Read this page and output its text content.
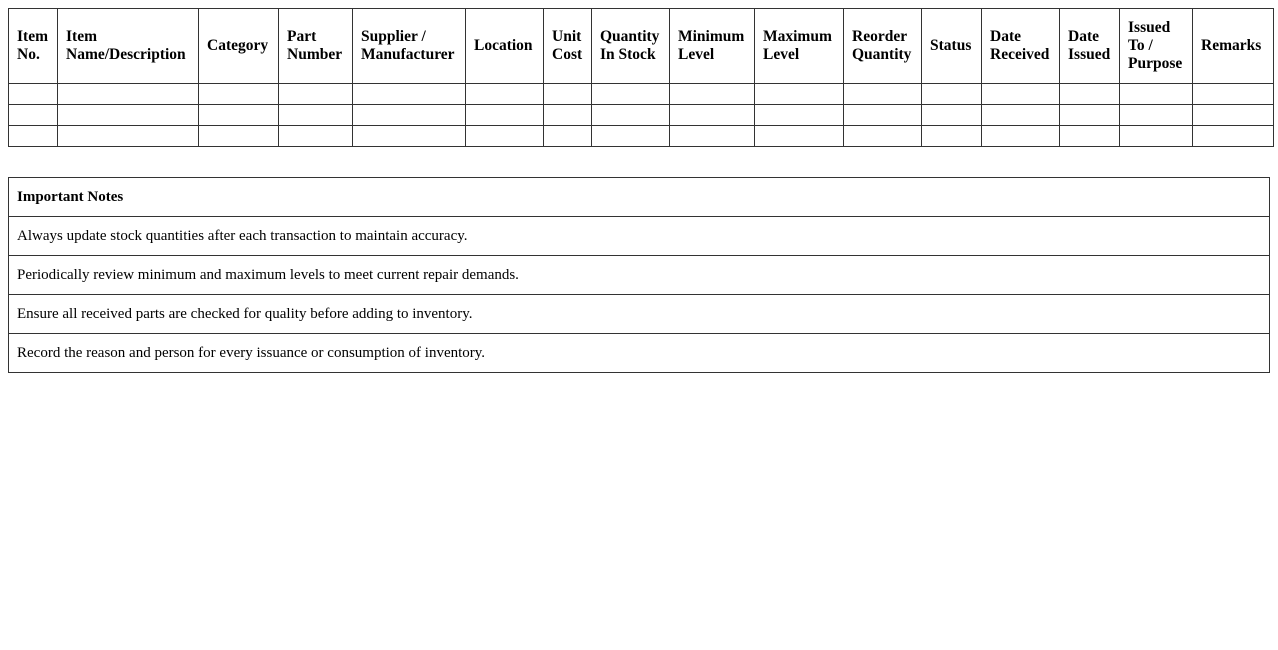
Item No.	Item Name/Description	Category	Part Number	Supplier / Manufacturer	Location	Unit Cost	Quantity In Stock	Minimum Level	Maximum Level	Reorder Quantity	Status	Date Received	Date Issued	Issued To / Purpose	Remarks

Important Notes
Always update stock quantities after each transaction to maintain accuracy.
Periodically review minimum and maximum levels to meet current repair demands.
Ensure all received parts are checked for quality before adding to inventory.
Record the reason and person for every issuance or consumption of inventory.
